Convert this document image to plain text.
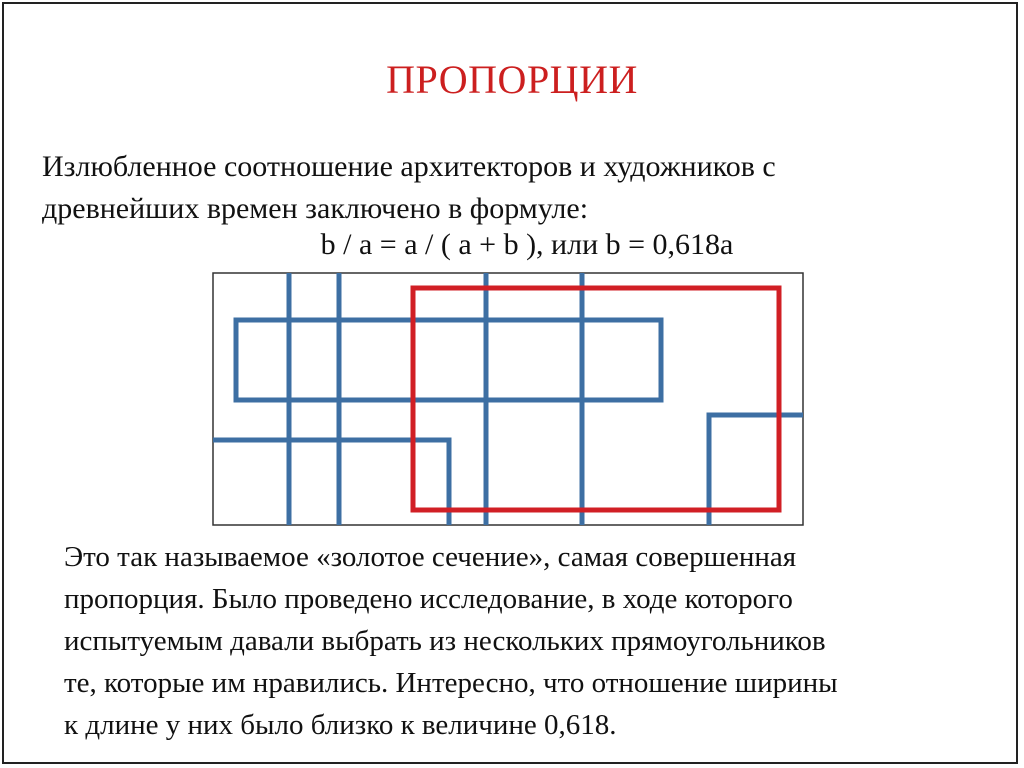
ПРОПОРЦИИ
Излюбленное соотношение архитекторов и художников с
древнейших времен заключено в формуле:
b / a = a / ( a + b ), или b = 0,618a
Это так называемое «золотое сечение», самая совершенная
пропорция. Было проведено исследование, в ходе которого
испытуемым давали выбрать из нескольких прямоугольников
те, которые им нравились. Интересно, что отношение ширины
к длине у них было близко к величине 0,618.
